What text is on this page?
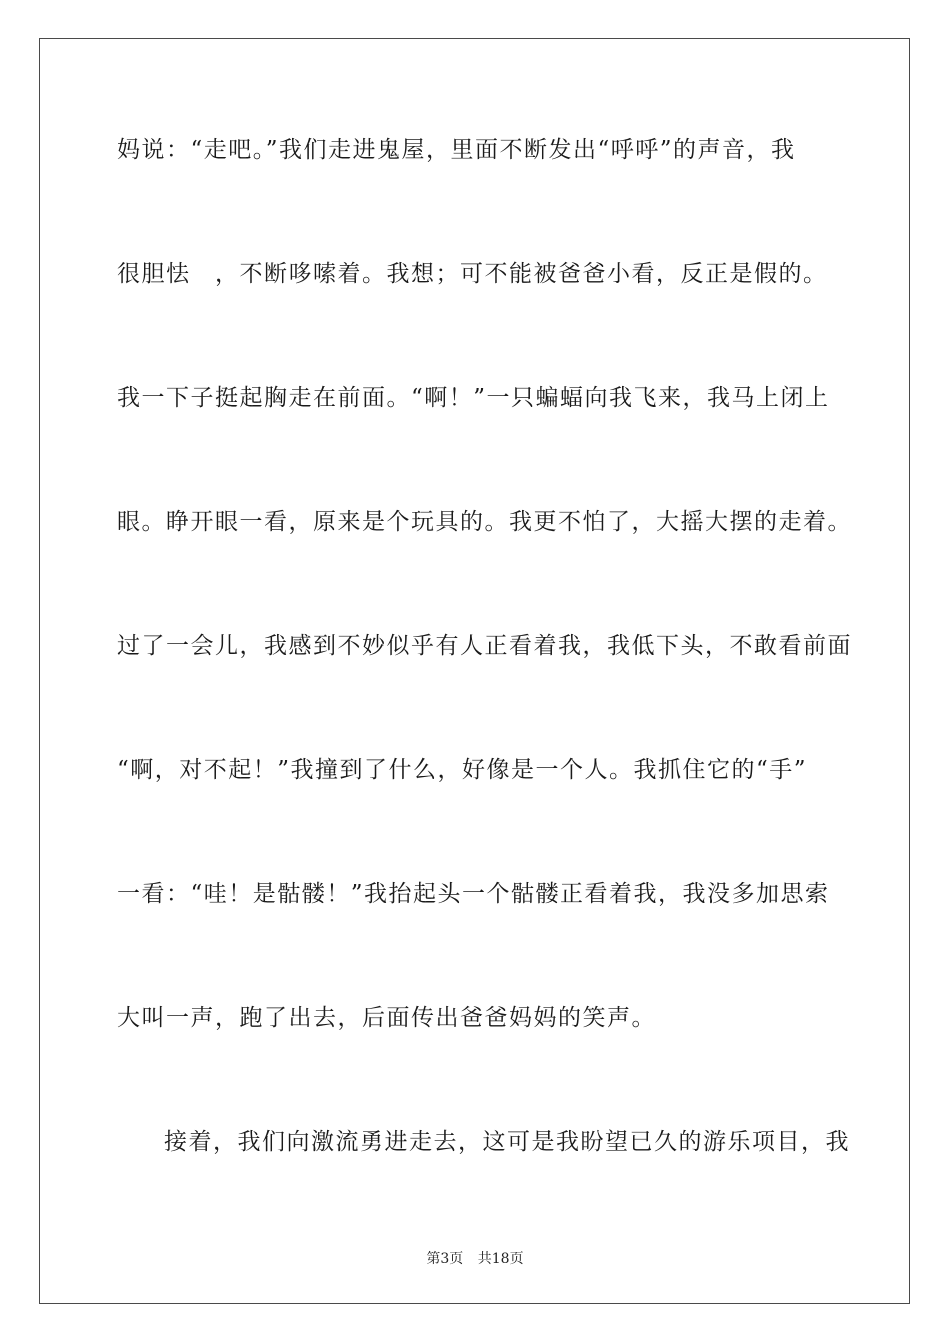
妈说：“走吧。”我们走进鬼屋，里面不断发出“呼呼”的声音，我
很胆怯　，不断哆嗦着。我想；可不能被爸爸小看，反正是假的。
我一下子挺起胸走在前面。“啊！”一只蝙蝠向我飞来，我马上闭上
眼。睁开眼一看，原来是个玩具的。我更不怕了，大摇大摆的走着。
过了一会儿，我感到不妙似乎有人正看着我，我低下头，不敢看前面
“啊，对不起！”我撞到了什么，好像是一个人。我抓住它的“手”
一看：“哇！是骷髅！”我抬起头一个骷髅正看着我，我没多加思索
大叫一声，跑了出去，后面传出爸爸妈妈的笑声。
接着，我们向激流勇进走去，这可是我盼望已久的游乐项目，我
第3页 共18页
